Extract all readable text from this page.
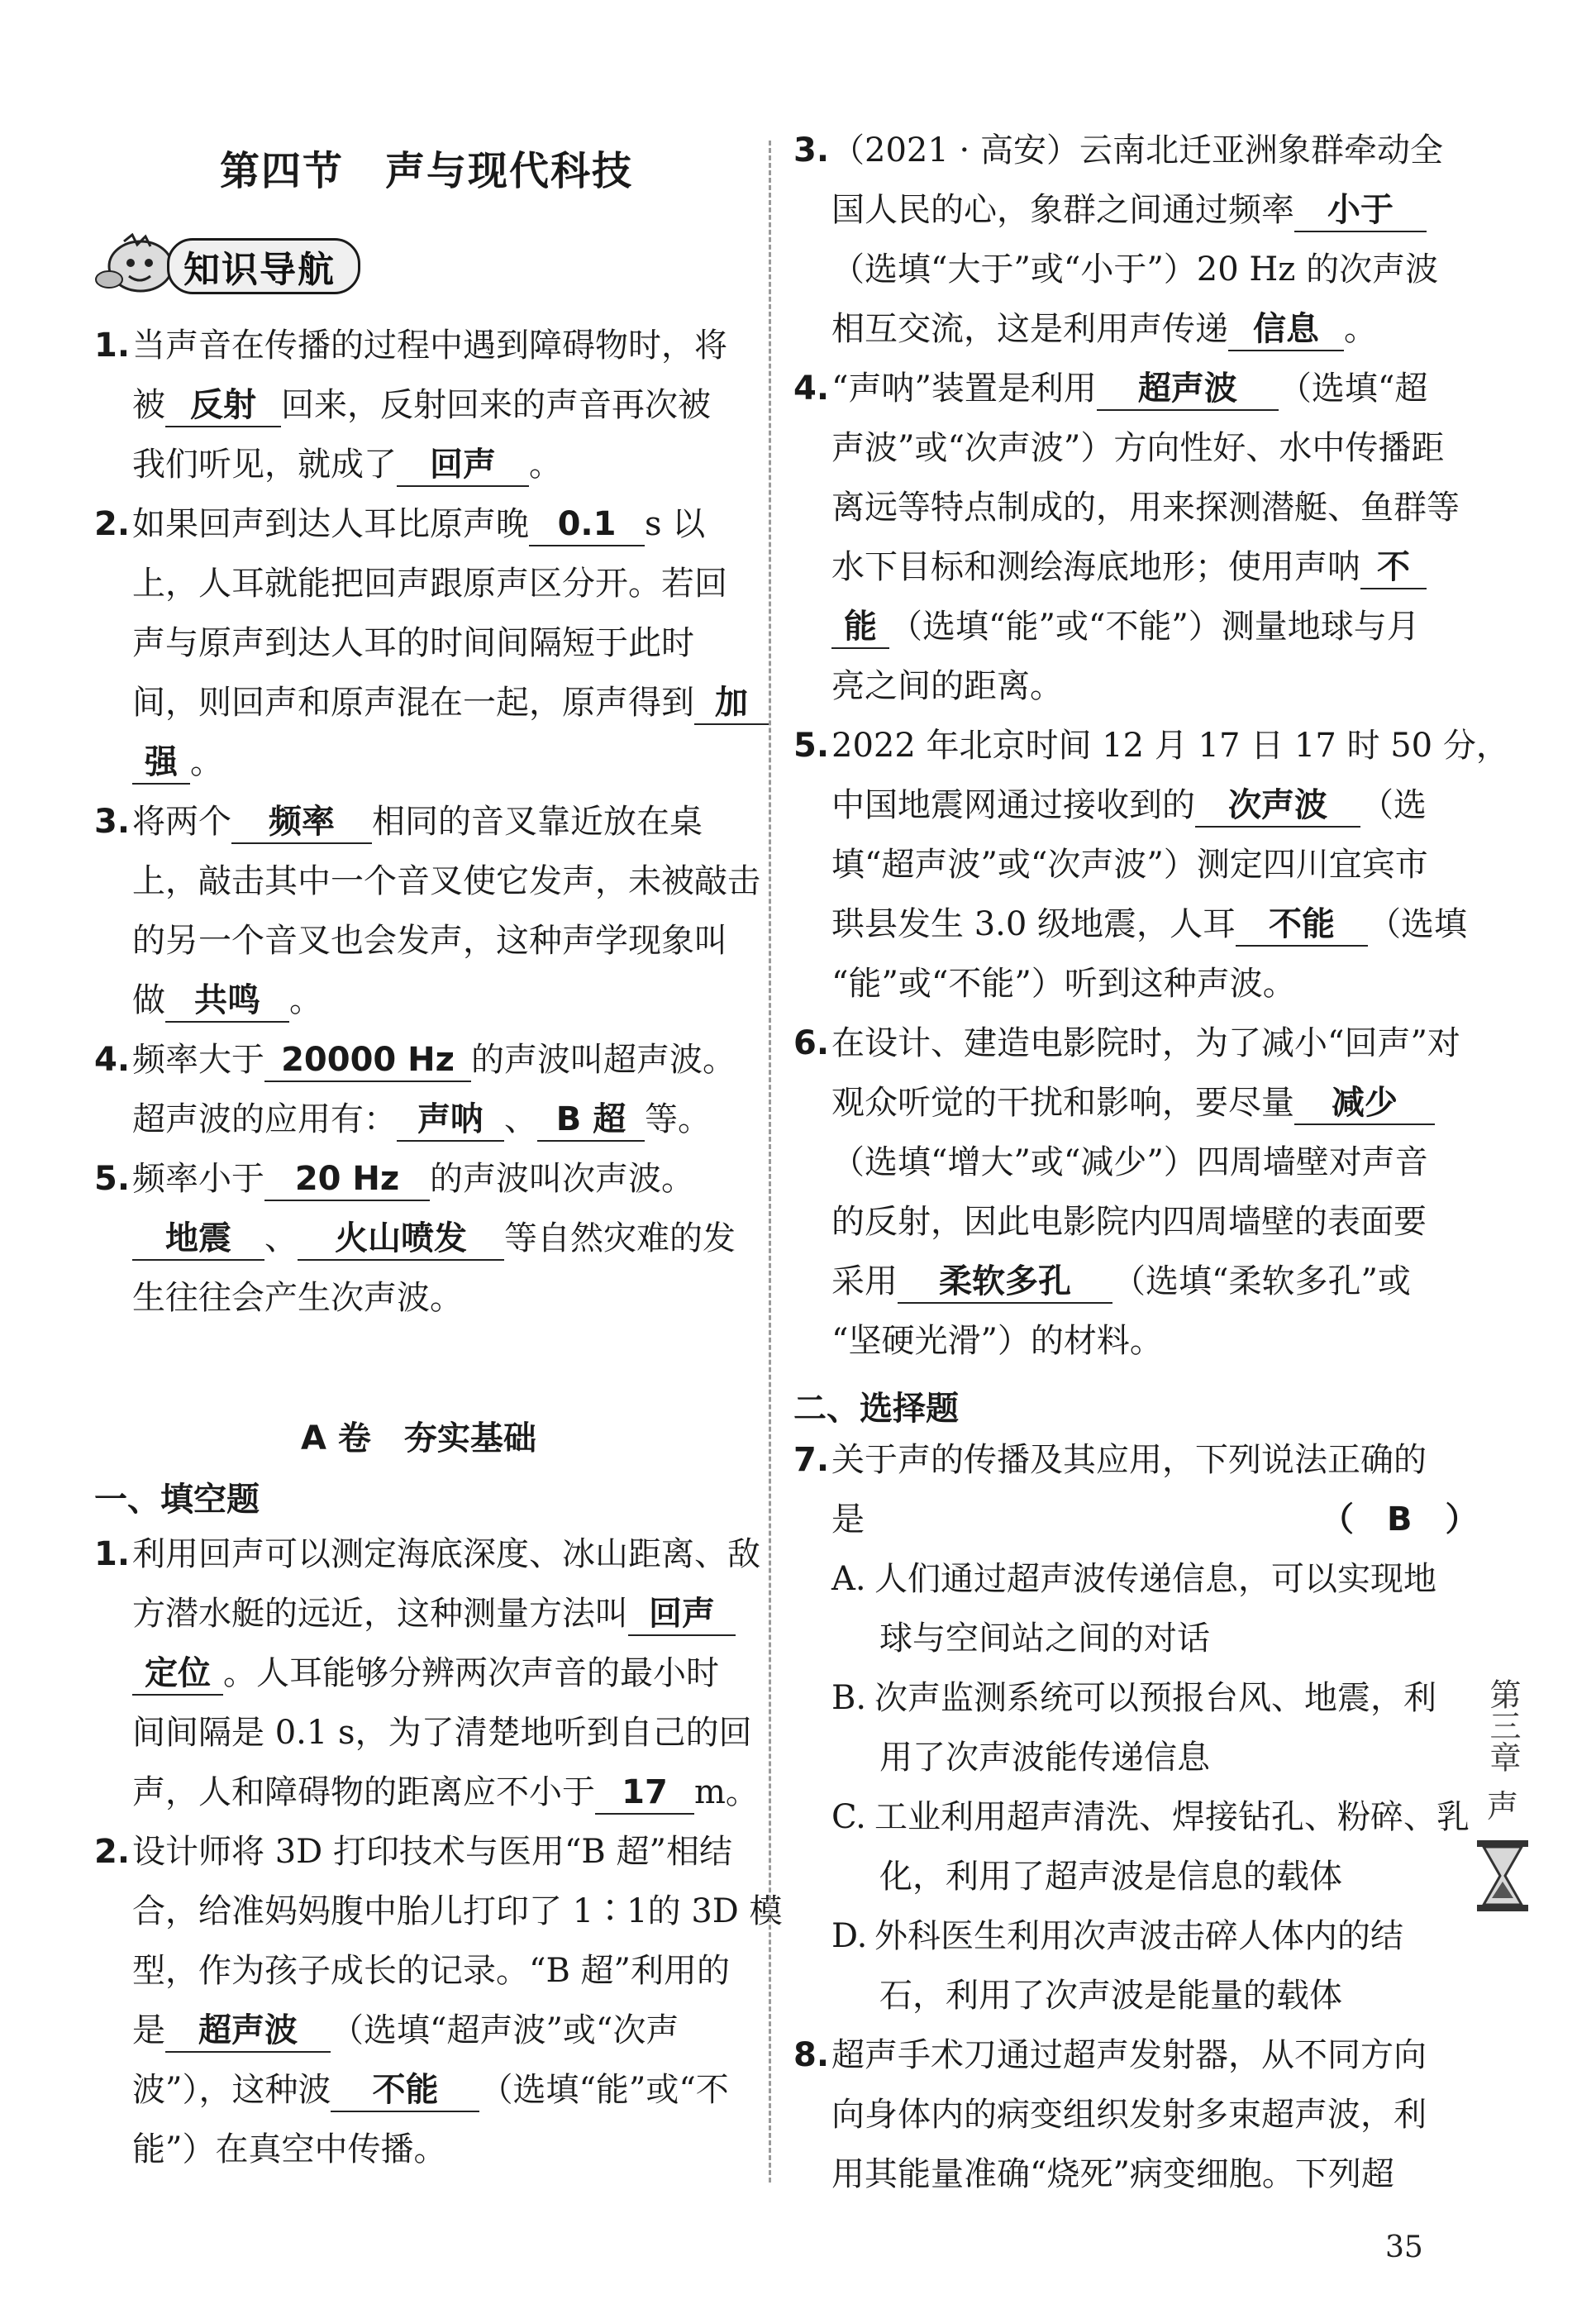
第四节　声与现代科技
知识导航
1. 当声音在传播的过程中遇到障碍物时，将
被 反射 回来，反射回来的声音再次被
我们听见，就成了 回声 。
2. 如果回声到达人耳比原声晚 0.1 s 以
上，人耳就能把回声跟原声区分开。若回
声与原声到达人耳的时间间隔短于此时
间，则回声和原声混在一起，原声得到 加
强 。
3. 将两个 频率 相同的音叉靠近放在桌
上，敲击其中一个音叉使它发声，未被敲击
的另一个音叉也会发声，这种声学现象叫
做 共鸣 。
4. 频率大于 20000 Hz 的声波叫超声波。
超声波的应用有： 声呐 、 B 超 等。
5. 频率小于 20 Hz 的声波叫次声波。
地震 、 火山喷发 等自然灾难的发
生往往会产生次声波。
A 卷　夯实基础
一、填空题
1. 利用回声可以测定海底深度、冰山距离、敌
方潜水艇的远近，这种测量方法叫 回声
定位 。人耳能够分辨两次声音的最小时
间间隔是 0.1 s，为了清楚地听到自己的回
声，人和障碍物的距离应不小于 17 m。
2. 设计师将 3D 打印技术与医用“B 超”相结
合，给准妈妈腹中胎儿打印了 1∶1的 3D 模
型，作为孩子成长的记录。“B 超”利用的
是 超声波 （选填“超声波”或“次声
波”），这种波 不能 （选填“能”或“不
能”）在真空中传播。
3. （2021 · 高安）云南北迁亚洲象群牵动全
国人民的心，象群之间通过频率 小于
（选填“大于”或“小于”）20 Hz 的次声波
相互交流，这是利用声传递 信息 。
4. “声呐”装置是利用 超声波 （选填“超
声波”或“次声波”）方向性好、水中传播距
离远等特点制成的，用来探测潜艇、鱼群等
水下目标和测绘海底地形；使用声呐 不
能 （选填“能”或“不能”）测量地球与月
亮之间的距离。
5. 2022 年北京时间 12 月 17 日 17 时 50 分，
中国地震网通过接收到的 次声波 （选
填“超声波”或“次声波”）测定四川宜宾市
珙县发生 3.0 级地震，人耳 不能 （选填
“能”或“不能”）听到这种声波。
6. 在设计、建造电影院时，为了减小“回声”对
观众听觉的干扰和影响，要尽量 减少
（选填“增大”或“减少”）四周墙壁对声音
的反射，因此电影院内四周墙壁的表面要
采用 柔软多孔 （选填“柔软多孔”或
“坚硬光滑”）的材料。
二、选择题
7. 关于声的传播及其应用，下列说法正确的
是	（　B　）
A. 人们通过超声波传递信息，可以实现地
球与空间站之间的对话
B. 次声监测系统可以预报台风、地震，利
用了次声波能传递信息
C. 工业利用超声清洗、焊接钻孔、粉碎、乳
化，利用了超声波是信息的载体
D. 外科医生利用次声波击碎人体内的结
石，利用了次声波是能量的载体
8. 超声手术刀通过超声发射器，从不同方向
向身体内的病变组织发射多束超声波，利
用其能量准确“烧死”病变细胞。下列超
第三章
声
35
